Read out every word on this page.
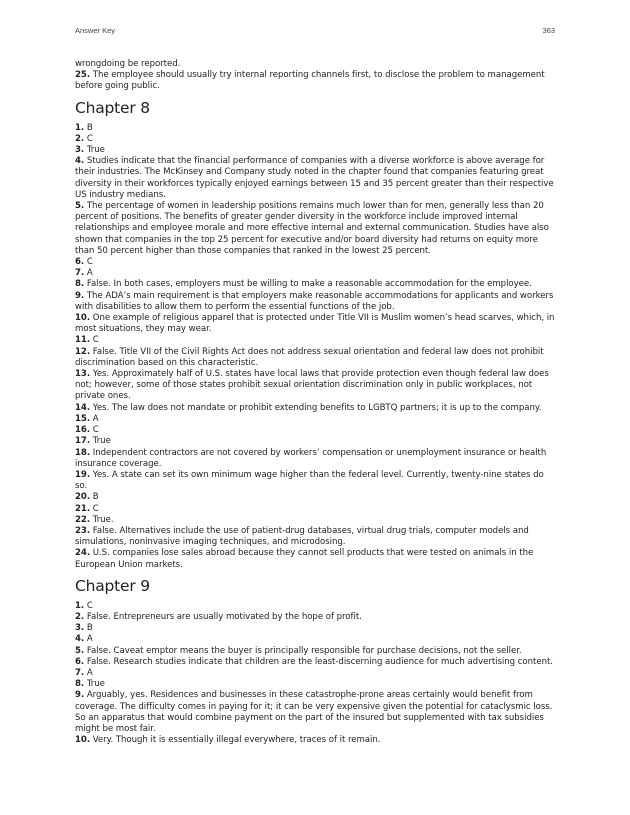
Answer Key	363

wrongdoing be reported.

25. The employee should usually try internal reporting channels first, to disclose the problem to management before going public.

Chapter 8

1. B

2. C

3. True

4. Studies indicate that the financial performance of companies with a diverse workforce is above average for their industries. The McKinsey and Company study noted in the chapter found that companies featuring great diversity in their workforces typically enjoyed earnings between 15 and 35 percent greater than their respective US industry medians.

5. The percentage of women in leadership positions remains much lower than for men, generally less than 20 percent of positions. The benefits of greater gender diversity in the workforce include improved internal relationships and employee morale and more effective internal and external communication. Studies have also shown that companies in the top 25 percent for executive and/or board diversity had returns on equity more than 50 percent higher than those companies that ranked in the lowest 25 percent.

6. C

7. A

8. False. In both cases, employers must be willing to make a reasonable accommodation for the employee.

9. The ADA’s main requirement is that employers make reasonable accommodations for applicants and workers with disabilities to allow them to perform the essential functions of the job.

10. One example of religious apparel that is protected under Title VII is Muslim women’s head scarves, which, in most situations, they may wear.

11. C

12. False. Title VII of the Civil Rights Act does not address sexual orientation and federal law does not prohibit discrimination based on this characteristic.

13. Yes. Approximately half of U.S. states have local laws that provide protection even though federal law does not; however, some of those states prohibit sexual orientation discrimination only in public workplaces, not private ones.

14. Yes. The law does not mandate or prohibit extending benefits to LGBTQ partners; it is up to the company.

15. A

16. C

17. True

18. Independent contractors are not covered by workers’ compensation or unemployment insurance or health insurance coverage.

19. Yes. A state can set its own minimum wage higher than the federal level. Currently, twenty-nine states do so.

20. B

21. C

22. True.

23. False. Alternatives include the use of patient-drug databases, virtual drug trials, computer models and simulations, noninvasive imaging techniques, and microdosing.

24. U.S. companies lose sales abroad because they cannot sell products that were tested on animals in the European Union markets.

Chapter 9

1. C

2. False. Entrepreneurs are usually motivated by the hope of profit.

3. B

4. A

5. False. Caveat emptor means the buyer is principally responsible for purchase decisions, not the seller.

6. False. Research studies indicate that children are the least-discerning audience for much advertising content.

7. A

8. True

9. Arguably, yes. Residences and businesses in these catastrophe-prone areas certainly would benefit from coverage. The difficulty comes in paying for it; it can be very expensive given the potential for cataclysmic loss. So an apparatus that would combine payment on the part of the insured but supplemented with tax subsidies might be most fair.

10. Very. Though it is essentially illegal everywhere, traces of it remain.
